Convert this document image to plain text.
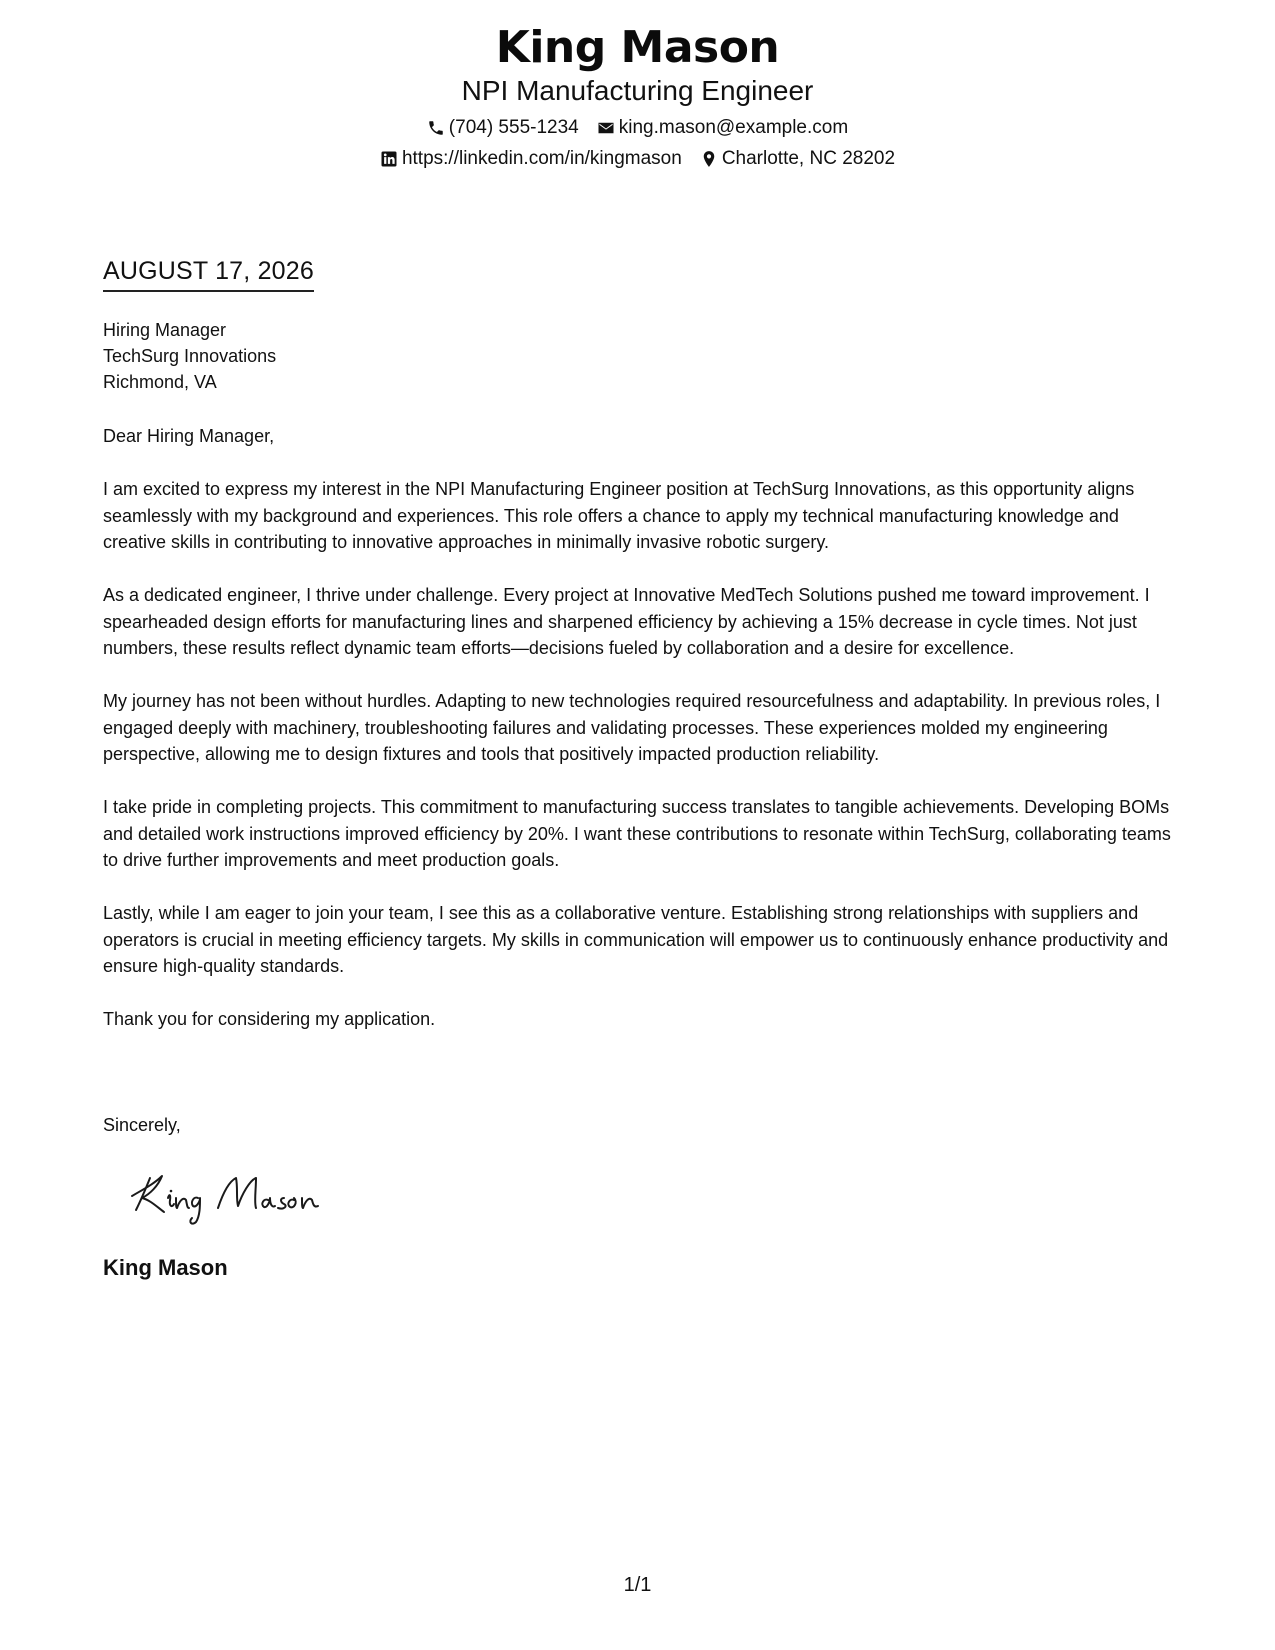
King Mason
NPI Manufacturing Engineer
(704) 555-1234 king.mason@example.com
https://linkedin.com/in/kingmason Charlotte, NC 28202
AUGUST 17, 2026
Hiring Manager
TechSurg Innovations
Richmond, VA

Dear Hiring Manager,

I am excited to express my interest in the NPI Manufacturing Engineer position at TechSurg Innovations, as this opportunity aligns seamlessly with my background and experiences. This role offers a chance to apply my technical manufacturing knowledge and creative skills in contributing to innovative approaches in minimally invasive robotic surgery.

As a dedicated engineer, I thrive under challenge. Every project at Innovative MedTech Solutions pushed me toward improvement. I spearheaded design efforts for manufacturing lines and sharpened efficiency by achieving a 15% decrease in cycle times. Not just numbers, these results reflect dynamic team efforts—decisions fueled by collaboration and a desire for excellence.

My journey has not been without hurdles. Adapting to new technologies required resourcefulness and adaptability. In previous roles, I engaged deeply with machinery, troubleshooting failures and validating processes. These experiences molded my engineering perspective, allowing me to design fixtures and tools that positively impacted production reliability.

I take pride in completing projects. This commitment to manufacturing success translates to tangible achievements. Developing BOMs and detailed work instructions improved efficiency by 20%. I want these contributions to resonate within TechSurg, collaborating teams to drive further improvements and meet production goals.

Lastly, while I am eager to join your team, I see this as a collaborative venture. Establishing strong relationships with suppliers and operators is crucial in meeting efficiency targets. My skills in communication will empower us to continuously enhance productivity and ensure high-quality standards.

Thank you for considering my application.

Sincerely,
King Mason
1/1
